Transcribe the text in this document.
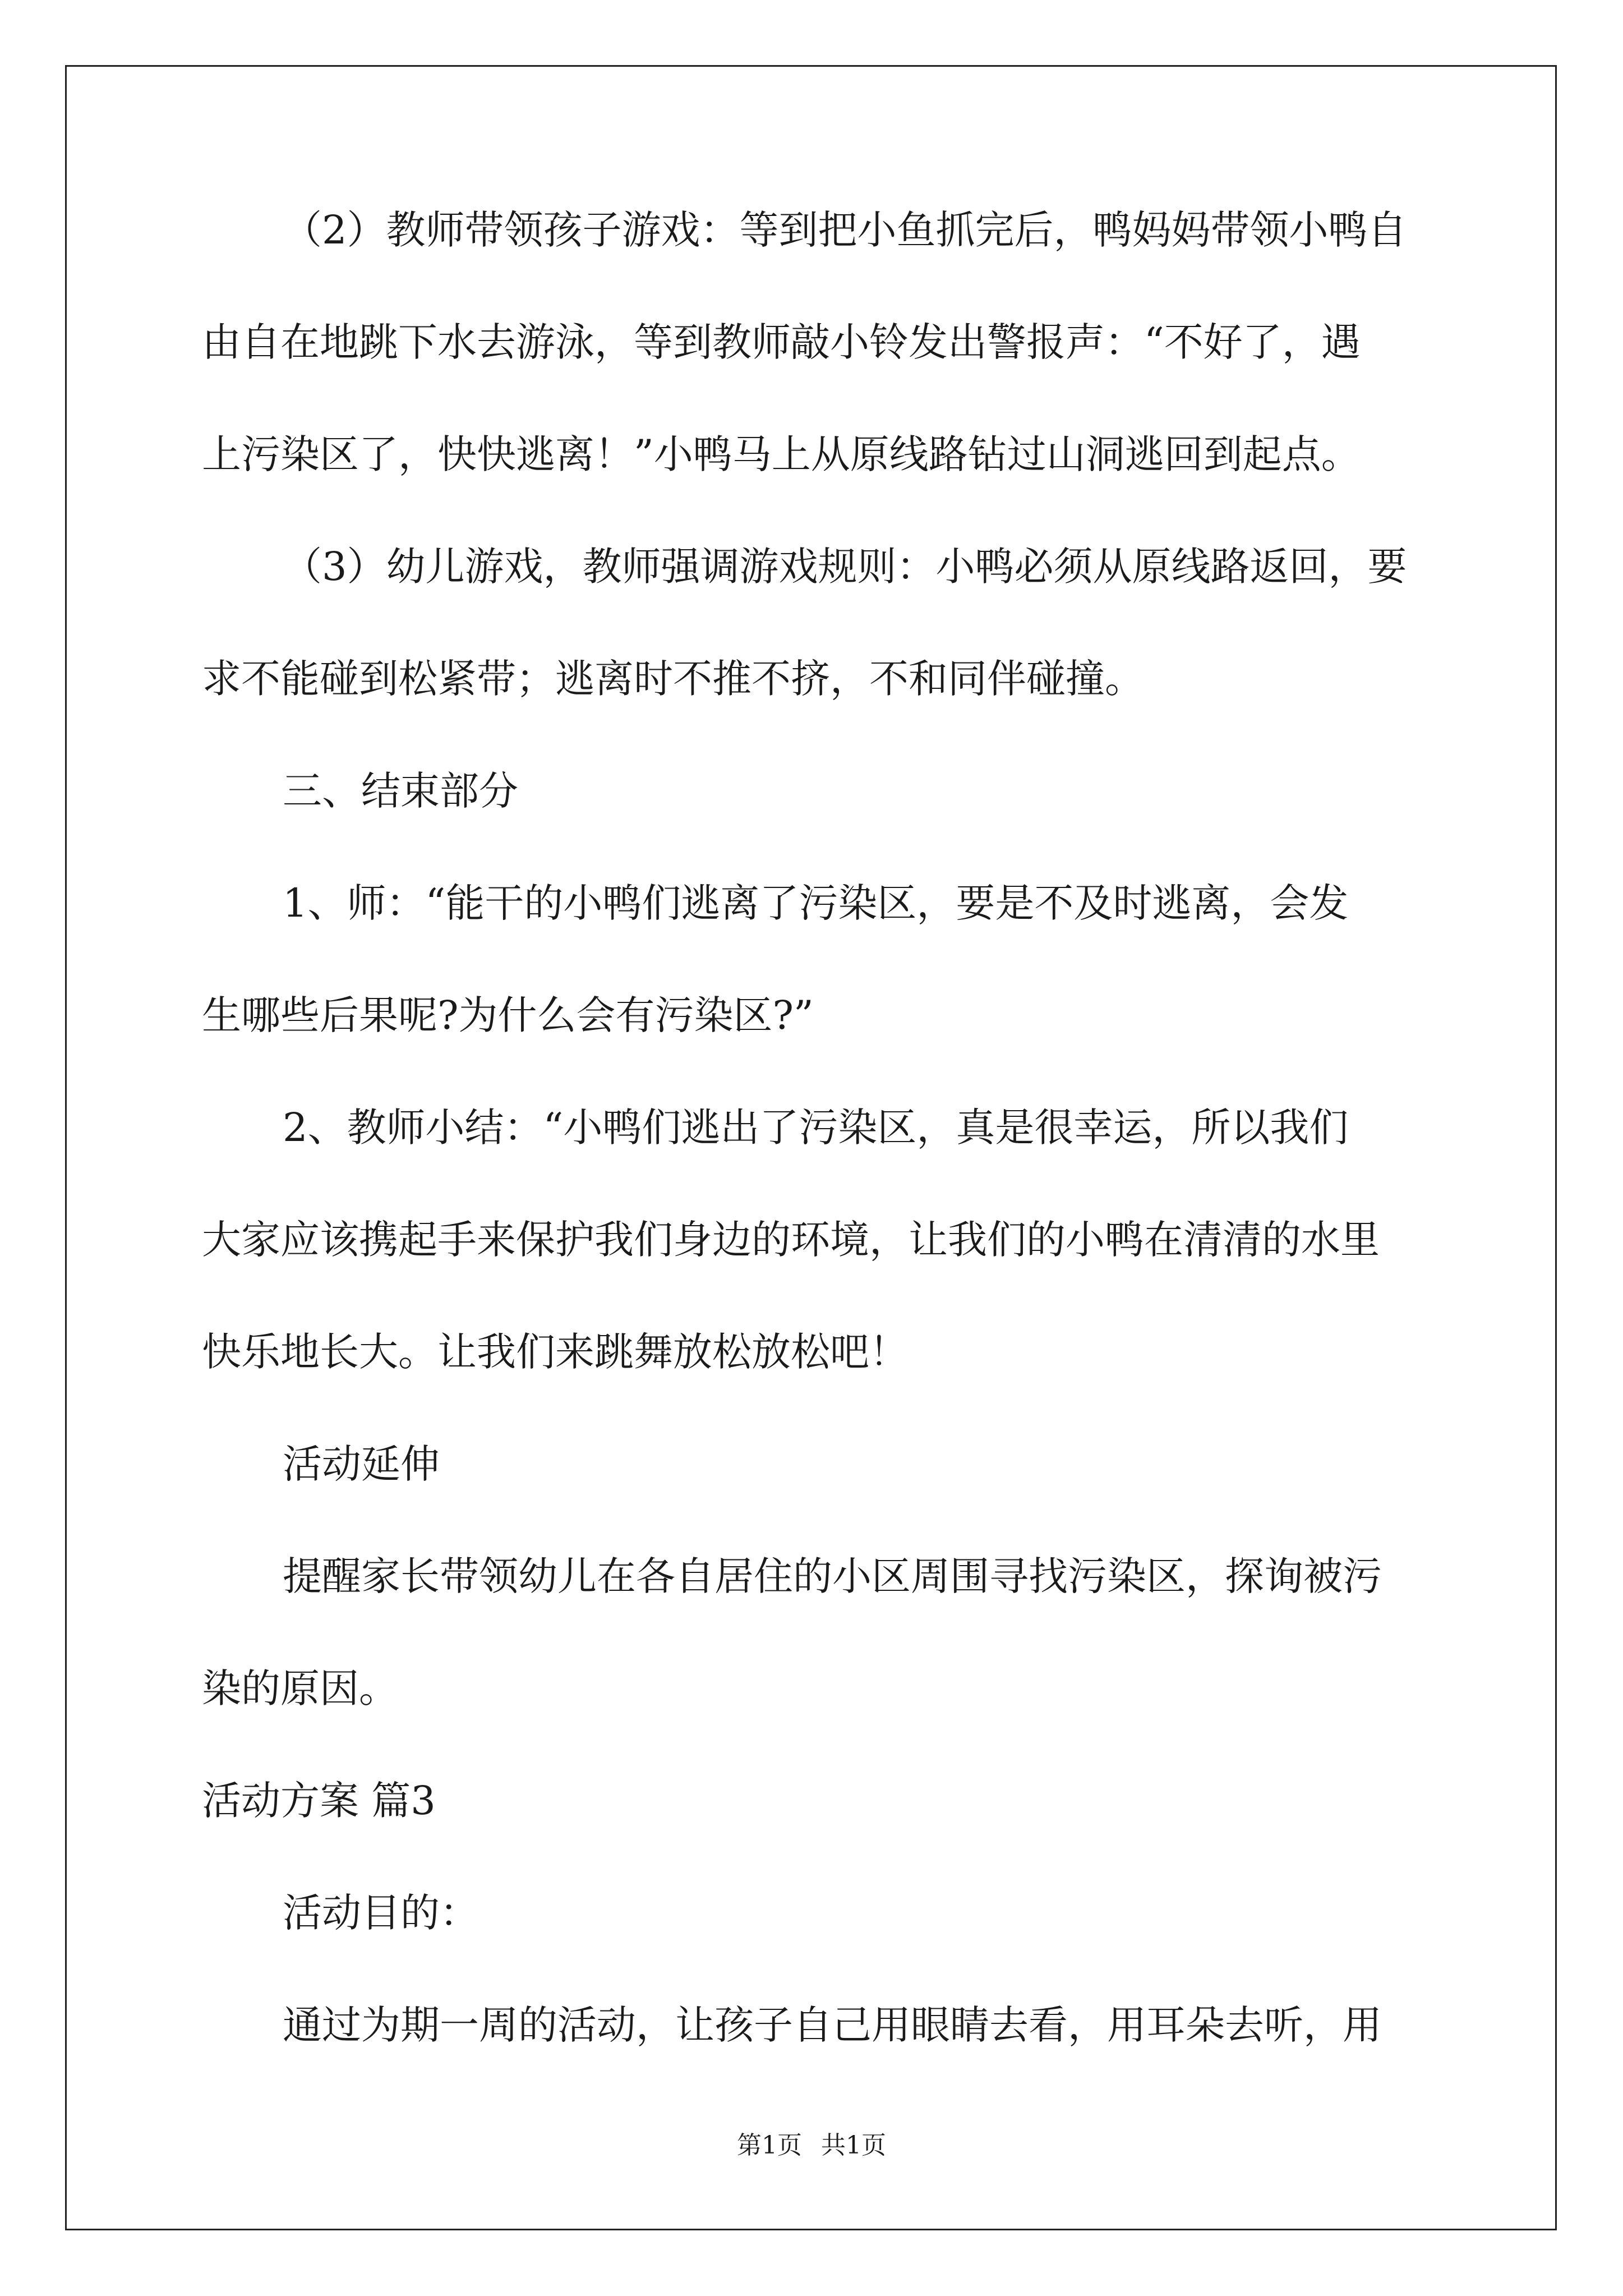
（2）教师带领孩子游戏：等到把小鱼抓完后，鸭妈妈带领小鸭自
由自在地跳下水去游泳，等到教师敲小铃发出警报声：“不好了，遇
上污染区了，快快逃离！”小鸭马上从原线路钻过山洞逃回到起点。
（3）幼儿游戏，教师强调游戏规则：小鸭必须从原线路返回，要
求不能碰到松紧带；逃离时不推不挤，不和同伴碰撞。
三、结束部分
1、师：“能干的小鸭们逃离了污染区，要是不及时逃离，会发
生哪些后果呢?为什么会有污染区?”
2、教师小结：“小鸭们逃出了污染区，真是很幸运，所以我们
大家应该携起手来保护我们身边的环境，让我们的小鸭在清清的水里
快乐地长大。让我们来跳舞放松放松吧！
活动延伸
提醒家长带领幼儿在各自居住的小区周围寻找污染区，探询被污
染的原因。
活动方案 篇3
活动目的：
通过为期一周的活动，让孩子自己用眼睛去看，用耳朵去听，用
第1页 共1页
